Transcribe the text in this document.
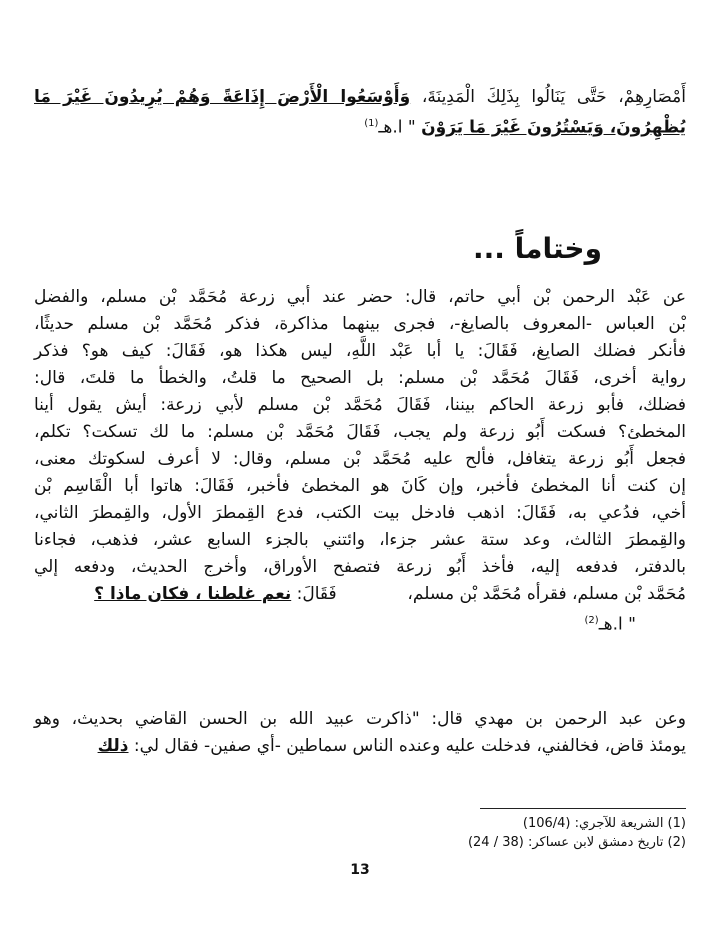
أَمْصَارِهِمْ، حَتَّى يَنَالُوا بِذَلِكَ الْمَدِينَةَ، وَأَوْسَعُوا الْأَرْضَ إِذَاعَةً وَهُمْ يُرِيدُونَ غَيْرَ مَا
يُظْهِرُونَ، وَيَسْتُرُونَ غَيْرَ مَا يَرَوْنَ " ا.هـ$^{(1)}$
وختاماً ...
عن عَبْد الرحمن بْن أبي حاتم، قال: حضر عند أبي زرعة مُحَمَّد بْن مسلم، والفضل
بْن العباس -المعروف بالصايغ-، فجرى بينهما مذاكرة، فذكر مُحَمَّد بْن مسلم حديثًا،
فأنكر فضلك الصايغ، فَقَالَ: يا أبا عَبْد اللَّهِ، ليس هكذا هو، فَقَالَ: كيف هو؟ فذكر
رواية أخرى، فَقَالَ مُحَمَّد بْن مسلم: بل الصحيح ما قلتُ، والخطأ ما قلتَ، قال:
فضلك، فأبو زرعة الحاكم بيننا، فَقَالَ مُحَمَّد بْن مسلم لأبي زرعة: أيش يقول أينا
المخطئ؟ فسكت أَبُو زرعة ولم يجب، فَقَالَ مُحَمَّد بْن مسلم: ما لك تسكت؟ تكلم،
فجعل أَبُو زرعة يتغافل، فألح عليه مُحَمَّد بْن مسلم، وقال: لا أعرف لسكوتك معنى،
إن كنت أنا المخطئ فأخبر، وإن كَانَ هو المخطئ فأخبر، فَقَالَ: هاتوا أبا الْقَاسِم بْن
أخي، فدُعي به، فَقَالَ: اذهب فادخل بيت الكتب، فدع القِمطرَ الأول، والقِمطرَ الثاني،
والقِمطرَ الثالث، وعد ستة عشر جزءا، وائتني بالجزء السابع عشر، فذهب، فجاءنا
بالدفتر، فدفعه إليه، فأخذ أَبُو زرعة فتصفح الأوراق، وأخرج الحديث، ودفعه إلي
مُحَمَّد بْن مسلم، فقرأه مُحَمَّد بْن مسلم،  فَقَالَ: نعم غلطنا ، فكان ماذا ؟
" ا.هـ$^{(2)}$
وعن عبد الرحمن بن مهدي قال: "ذاكرت عبيد الله بن الحسن القاضي بحديث، وهو
يومئذ قاض، فخالفني، فدخلت عليه وعنده الناس سماطين -أي صفين- فقال لي: ذلك
(1) الشريعة للآجري: (106/4)
(2) تاريخ دمشق لابن عساكر: (38 / 24)
13
